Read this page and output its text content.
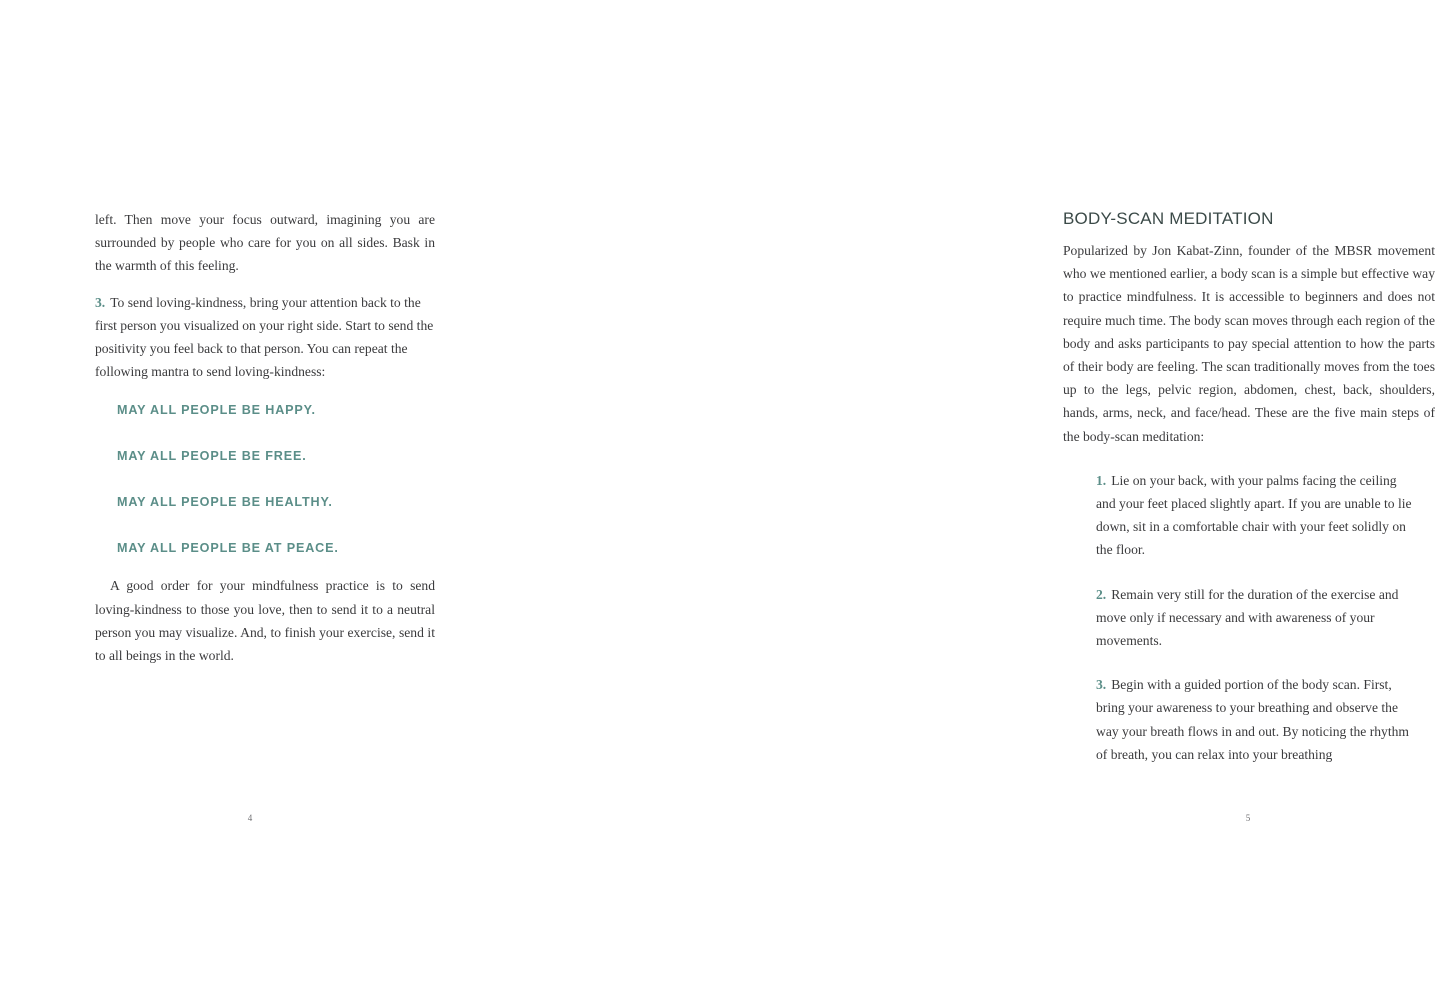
left. Then move your focus outward, imagining you are surrounded by people who care for you on all sides. Bask in the warmth of this feeling.

3. To send loving-kindness, bring your attention back to the first person you visualized on your right side. Start to send the positivity you feel back to that person. You can repeat the following mantra to send loving-kindness:

MAY ALL PEOPLE BE HAPPY.

MAY ALL PEOPLE BE FREE.

MAY ALL PEOPLE BE HEALTHY.

MAY ALL PEOPLE BE AT PEACE.

A good order for your mindfulness practice is to send loving-kindness to those you love, then to send it to a neutral person you may visualize. And, to finish your exercise, send it to all beings in the world.

4
BODY-SCAN MEDITATION

Popularized by Jon Kabat-Zinn, founder of the MBSR movement who we mentioned earlier, a body scan is a simple but effective way to practice mindfulness. It is accessible to beginners and does not require much time. The body scan moves through each region of the body and asks participants to pay special attention to how the parts of their body are feeling. The scan traditionally moves from the toes up to the legs, pelvic region, abdomen, chest, back, shoulders, hands, arms, neck, and face/head. These are the five main steps of the body-scan meditation:

1. Lie on your back, with your palms facing the ceiling and your feet placed slightly apart. If you are unable to lie down, sit in a comfortable chair with your feet solidly on the floor.

2. Remain very still for the duration of the exercise and move only if necessary and with awareness of your movements.

3. Begin with a guided portion of the body scan. First, bring your awareness to your breathing and observe the way your breath flows in and out. By noticing the rhythm of breath, you can relax into your breathing

5
